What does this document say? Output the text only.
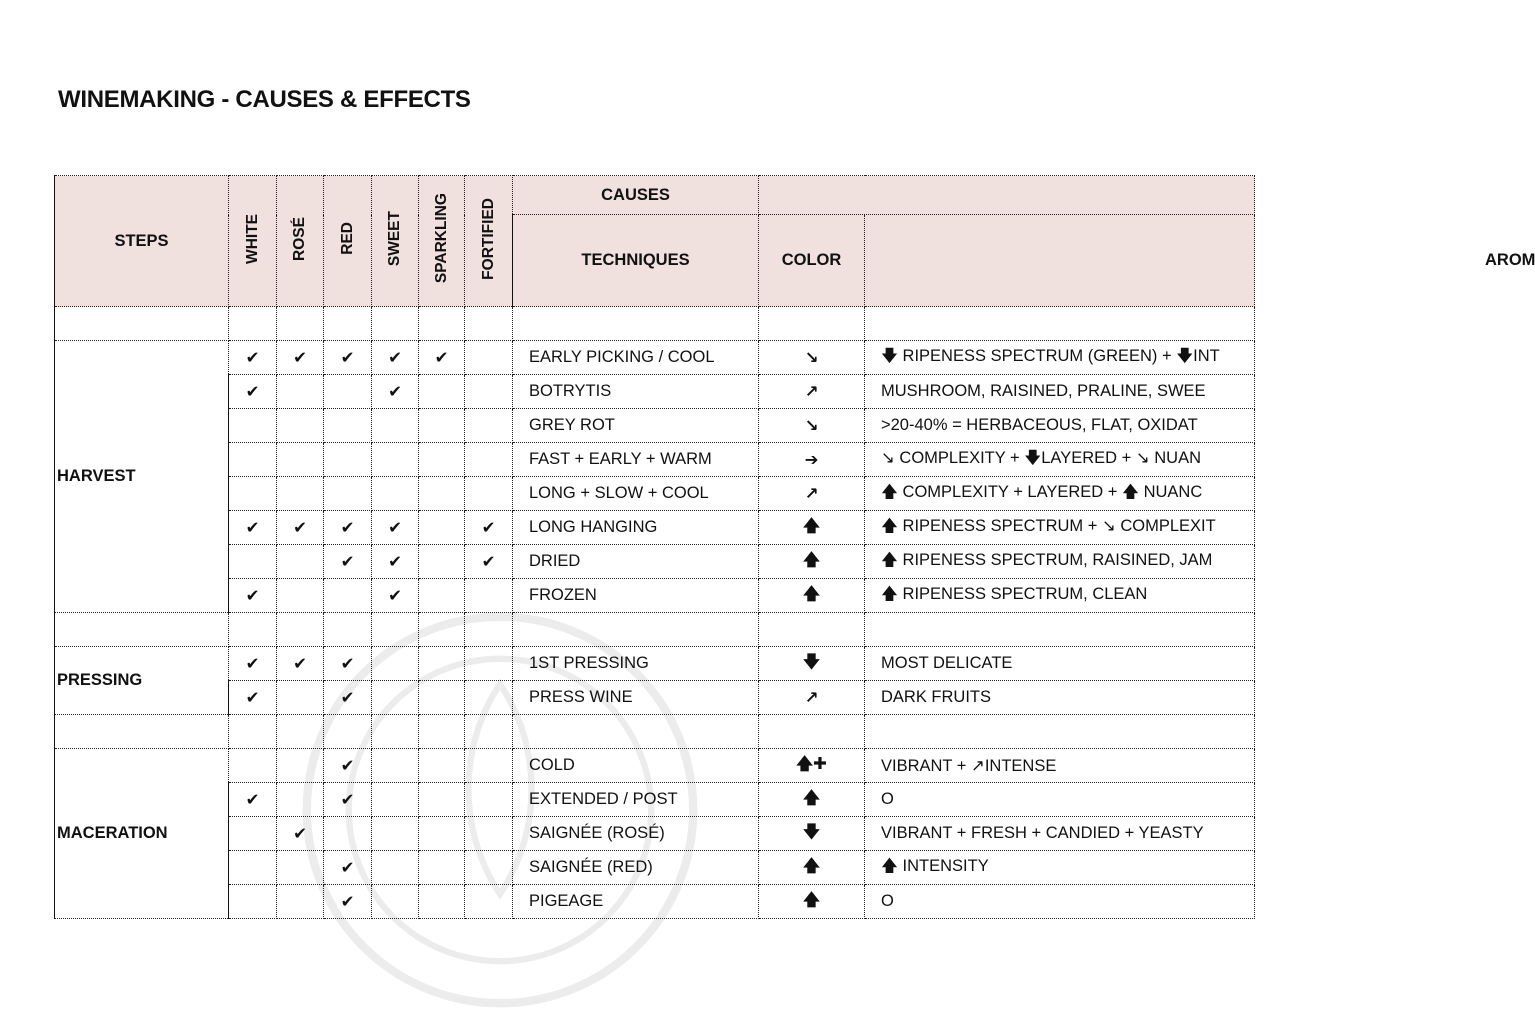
WINEMAKING - CAUSES & EFFECTS
STEPS	WHITE	ROSÉ	RED	SWEET	SPARKLING	FORTIFIED	CAUSES		
							TECHNIQUES	COLOR	AROM

HARVEST	✔	✔	✔	✔	✔		EARLY PICKING / COOL	↘	🡇 RIPENESS SPECTRUM (GREEN) + 🡇INT
	✔			✔			BOTRYTIS	↗	MUSHROOM, RAISINED, PRALINE, SWEE
							GREY ROT	↘	>20-40% = HERBACEOUS, FLAT, OXIDAT
							FAST + EARLY + WARM	➔	↘ COMPLEXITY + 🡇LAYERED + ↘ NUAN
							LONG + SLOW + COOL	↗	🡅 COMPLEXITY + LAYERED + 🡅 NUANC
	✔	✔	✔	✔		✔	LONG HANGING	🡅	🡅 RIPENESS SPECTRUM + ↘ COMPLEXIT
			✔	✔		✔	DRIED	🡅	🡅 RIPENESS SPECTRUM, RAISINED, JAM
	✔			✔			FROZEN	🡅	🡅 RIPENESS SPECTRUM, CLEAN

PRESSING	✔	✔	✔				1ST PRESSING	🡇	MOST DELICATE
	✔		✔				PRESS WINE	↗	DARK FRUITS

MACERATION			✔				COLD	🡅✚	VIBRANT + ↗INTENSE
	✔		✔				EXTENDED / POST	🡅	O
		✔					SAIGNÉE (ROSÉ)	🡇	VIBRANT + FRESH + CANDIED + YEASTY
			✔				SAIGNÉE (RED)	🡅	🡅 INTENSITY
			✔				PIGEAGE	🡅	O
